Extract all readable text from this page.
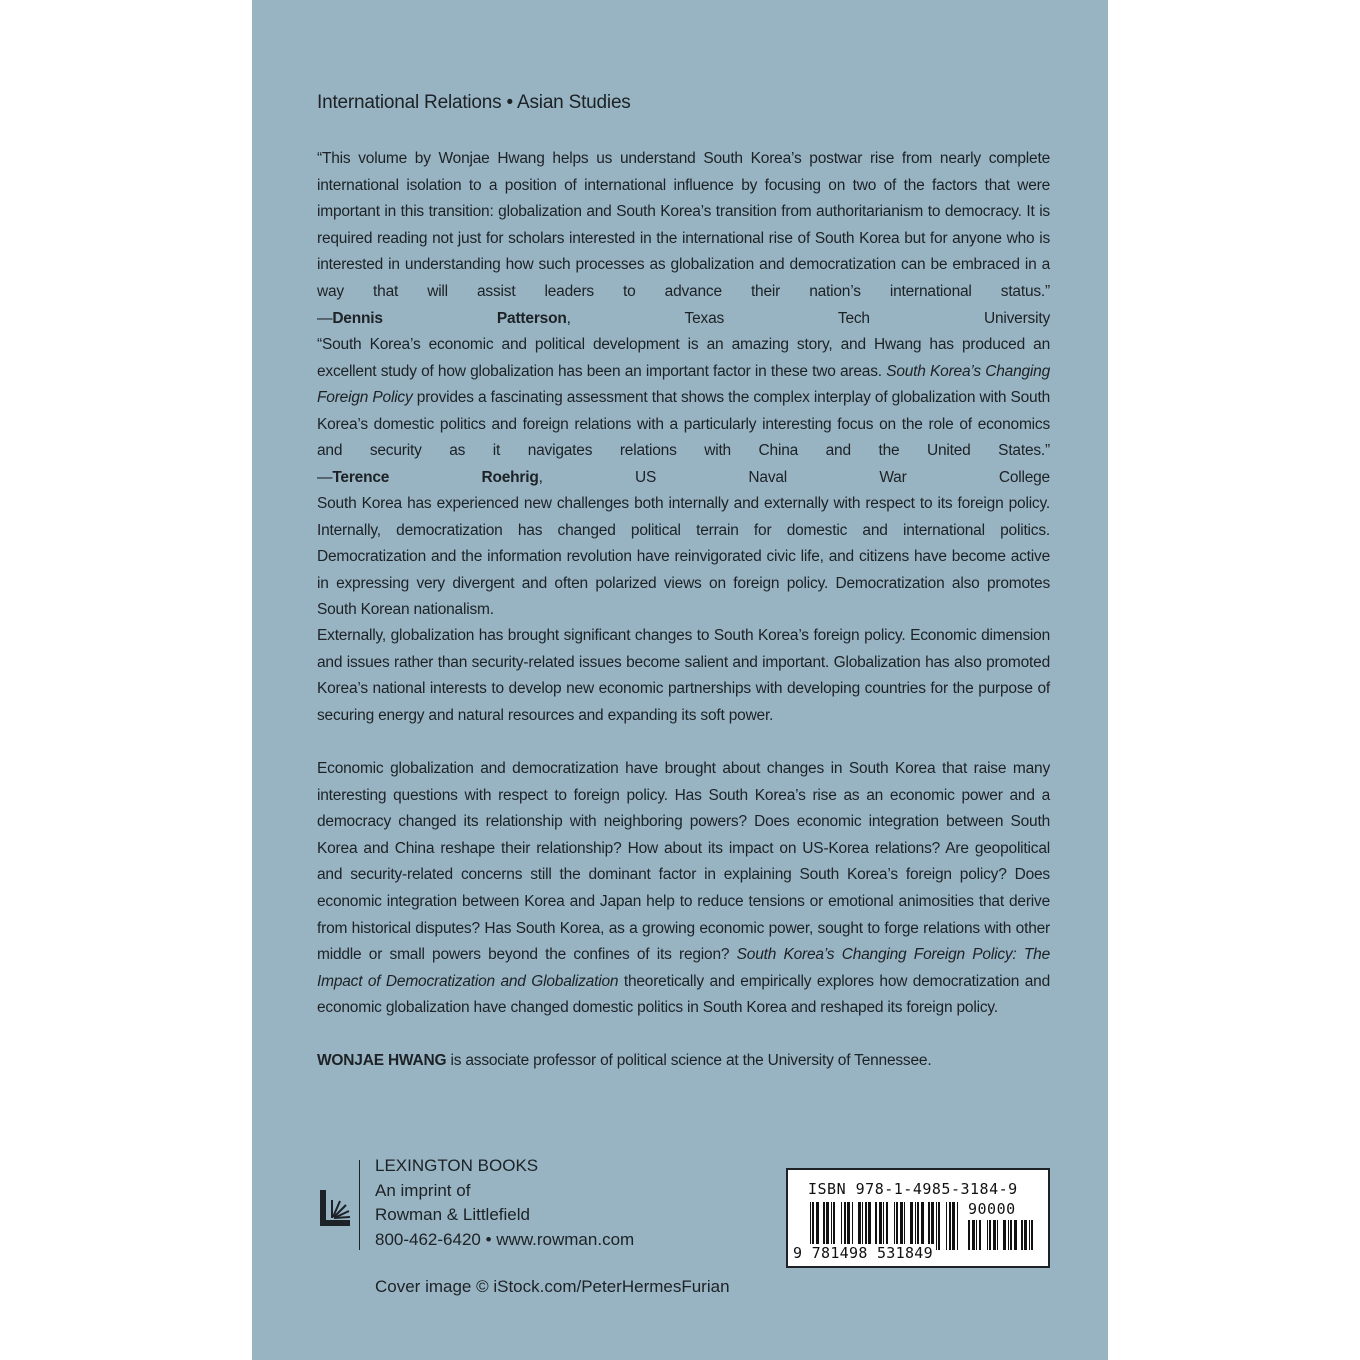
International Relations • Asian Studies

“This volume by Wonjae Hwang helps us understand South Korea’s postwar rise from nearly complete international isolation to a position of international influence by focusing on two of the factors that were important in this transition: globalization and South Korea’s transition from authoritarianism to democracy. It is required reading not just for scholars interested in the international rise of South Korea but for anyone who is interested in understanding how such processes as globalization and democratization can be embraced in a way that will assist leaders to advance their nation’s international status.” —Dennis Patterson, Texas Tech University

“South Korea’s economic and political development is an amazing story, and Hwang has produced an excellent study of how globalization has been an important factor in these two areas. South Korea’s Changing Foreign Policy provides a fascinating assessment that shows the complex interplay of globalization with South Korea’s domestic politics and foreign relations with a particularly interesting focus on the role of economics and security as it navigates relations with China and the United States.” —Terence Roehrig, US Naval War College

South Korea has experienced new challenges both internally and externally with respect to its foreign policy. Internally, democratization has changed political terrain for domestic and international politics. Democratization and the information revolution have reinvigorated civic life, and citizens have become active in expressing very divergent and often polarized views on foreign policy. Democratization also promotes South Korean nationalism.

Externally, globalization has brought significant changes to South Korea’s foreign policy. Economic dimension and issues rather than security-related issues become salient and important. Globalization has also promoted Korea’s national interests to develop new economic partnerships with developing countries for the purpose of securing energy and natural resources and expanding its soft power.

Economic globalization and democratization have brought about changes in South Korea that raise many interesting questions with respect to foreign policy. Has South Korea’s rise as an economic power and a democracy changed its relationship with neighboring powers? Does economic integration between South Korea and China reshape their relationship? How about its impact on US-Korea relations? Are geopolitical and security-related concerns still the dominant factor in explaining South Korea’s foreign policy? Does economic integration between Korea and Japan help to reduce tensions or emotional animosities that derive from historical disputes? Has South Korea, as a growing economic power, sought to forge relations with other middle or small powers beyond the confines of its region? South Korea’s Changing Foreign Policy: The Impact of Democratization and Globalization theoretically and empirically explores how democratization and economic globalization have changed domestic politics in South Korea and reshaped its foreign policy.

WONJAE HWANG is associate professor of political science at the University of Tennessee.

LEXINGTON BOOKS
An imprint of
Rowman & Littlefield
800-462-6420 • www.rowman.com
Cover image © iStock.com/PeterHermesFurian
ISBN 978-1-4985-3184-9
90000
9 781498 531849
